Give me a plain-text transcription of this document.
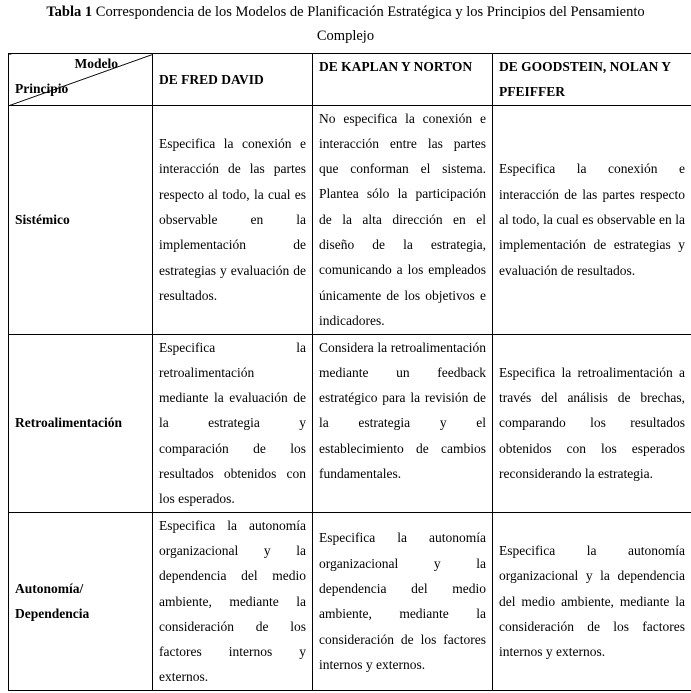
Tabla 1 Correspondencia de los Modelos de Planificación Estratégica y los Principios del Pensamiento
Complejo
Modelo
Principio	DE FRED DAVID	DE KAPLAN Y NORTON	DE GOODSTEIN, NOLAN Y PFEIFFER
Sistémico	Especifica la conexión e interacción de las partes respecto al todo, la cual es observable en la implementación de estrategias y evaluación de resultados.	No especifica la conexión e interacción entre las partes que conforman el sistema. Plantea sólo la participación de la alta dirección en el diseño de la estrategia, comunicando a los empleados únicamente de los objetivos e indicadores.	Especifica la conexión e interacción de las partes respecto al todo, la cual es observable en la implementación de estrategias y evaluación de resultados.
Retroalimentación	Especifica la retroalimentación mediante la evaluación de la estrategia y comparación de los resultados obtenidos con los esperados.	Considera la retroalimentación mediante un feedback estratégico para la revisión de la estrategia y el establecimiento de cambios fundamentales.	Especifica la retroalimentación a través del análisis de brechas, comparando los resultados obtenidos con los esperados reconsiderando la estrategia.
Autonomía/ Dependencia	Especifica la autonomía organizacional y la dependencia del medio ambiente, mediante la consideración de los factores internos y externos.	Especifica la autonomía organizacional y la dependencia del medio ambiente, mediante la consideración de los factores internos y externos.	Especifica la autonomía organizacional y la dependencia del medio ambiente, mediante la consideración de los factores internos y externos.
